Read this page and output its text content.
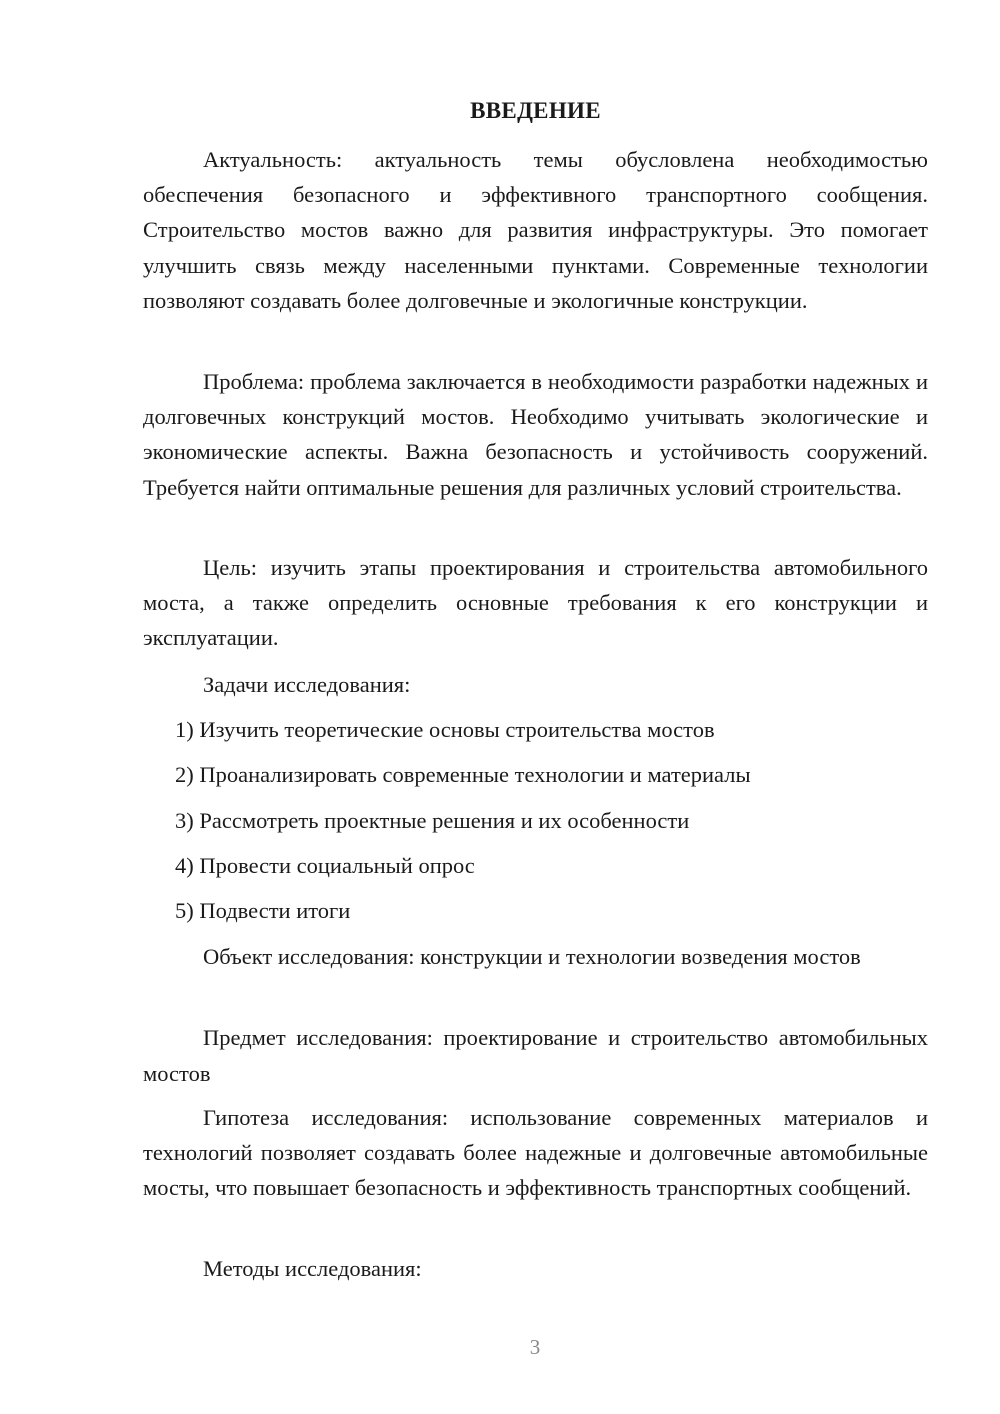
ВВЕДЕНИЕ

Актуальность: актуальность темы обусловлена необходимостью обеспечения безопасного и эффективного транспортного сообщения. Строительство мостов важно для развития инфраструктуры. Это помогает улучшить связь между населенными пунктами. Современные технологии позволяют создавать более долговечные и экологичные конструкции.

Проблема: проблема заключается в необходимости разработки надежных и долговечных конструкций мостов. Необходимо учитывать экологические и экономические аспекты. Важна безопасность и устойчивость сооружений. Требуется найти оптимальные решения для различных условий строительства.

Цель: изучить этапы проектирования и строительства автомобильного моста, а также определить основные требования к его конструкции и эксплуатации.

Задачи исследования:

1) Изучить теоретические основы строительства мостов

2) Проанализировать современные технологии и материалы

3) Рассмотреть проектные решения и их особенности

4) Провести социальный опрос

5) Подвести итоги

Объект исследования: конструкции и технологии возведения мостов

Предмет исследования: проектирование и строительство автомобильных мостов

Гипотеза исследования: использование современных материалов и технологий позволяет создавать более надежные и долговечные автомобильные мосты, что повышает безопасность и эффективность транспортных сообщений.

Методы исследования:

3
